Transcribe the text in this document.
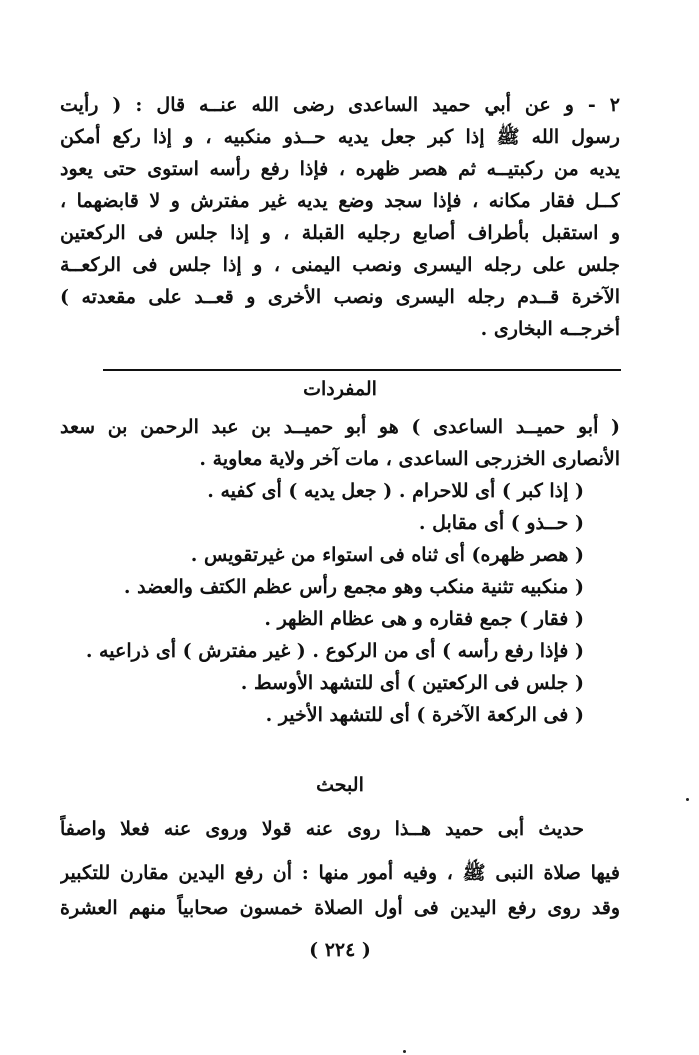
٢ - و عن أبي حميد الساعدى رضى الله عنــه قال : ( رأيت
رسول الله ﷺ إذا كبر جعل يديه حــذو منكبيه ، و إذا ركع أمكن
يديه من ركبتيــه ثم هصر ظهره ، فإذا رفع رأسه استوى حتى يعود
كــل فقار مكانه ، فإذا سجد وضع يديه غير مفترش و لا قابضهما ،
و استقبل بأطراف أصابع رجليه القبلة ، و إذا جلس فى الركعتين
جلس على رجله اليسرى ونصب اليمنى ، و إذا جلس فى الركعــة
الآخرة قــدم رجله اليسرى ونصب الأخرى و قعــد على مقعدته )
أخرجــه البخارى .
المفردات
( أبو حميــد الساعدى ) هو أبو حميــد بن عبد الرحمن بن سعد
الأنصارى الخزرجى الساعدى ، مات آخر ولاية معاوية .
( إذا كبر ) أى للاحرام . ( جعل يديه ) أى كفيه .
( حــذو ) أى مقابل .
( هصر ظهره) أى ثناه فى استواء من غيرتقويس .
( منكبيه تثنية منكب وهو مجمع رأس عظم الكتف والعضد .
( فقار ) جمع فقاره و هى عظام الظهر .
( فإذا رفع رأسه ) أى من الركوع . ( غير مفترش ) أى ذراعيه .
( جلس فى الركعتين ) أى للتشهد الأوسط .
( فى الركعة الآخرة ) أى للتشهد الأخير .
البحث
حديث أبى حميد هــذا روى عنه قولا وروى عنه فعلا واصفاً
فيها صلاة النبى ﷺ ، وفيه أمور منها : أن رفع اليدين مقارن للتكبير
وقد روى رفع اليدين فى أول الصلاة خمسون صحابياً منهم العشرة
( ٢٢٤ )
